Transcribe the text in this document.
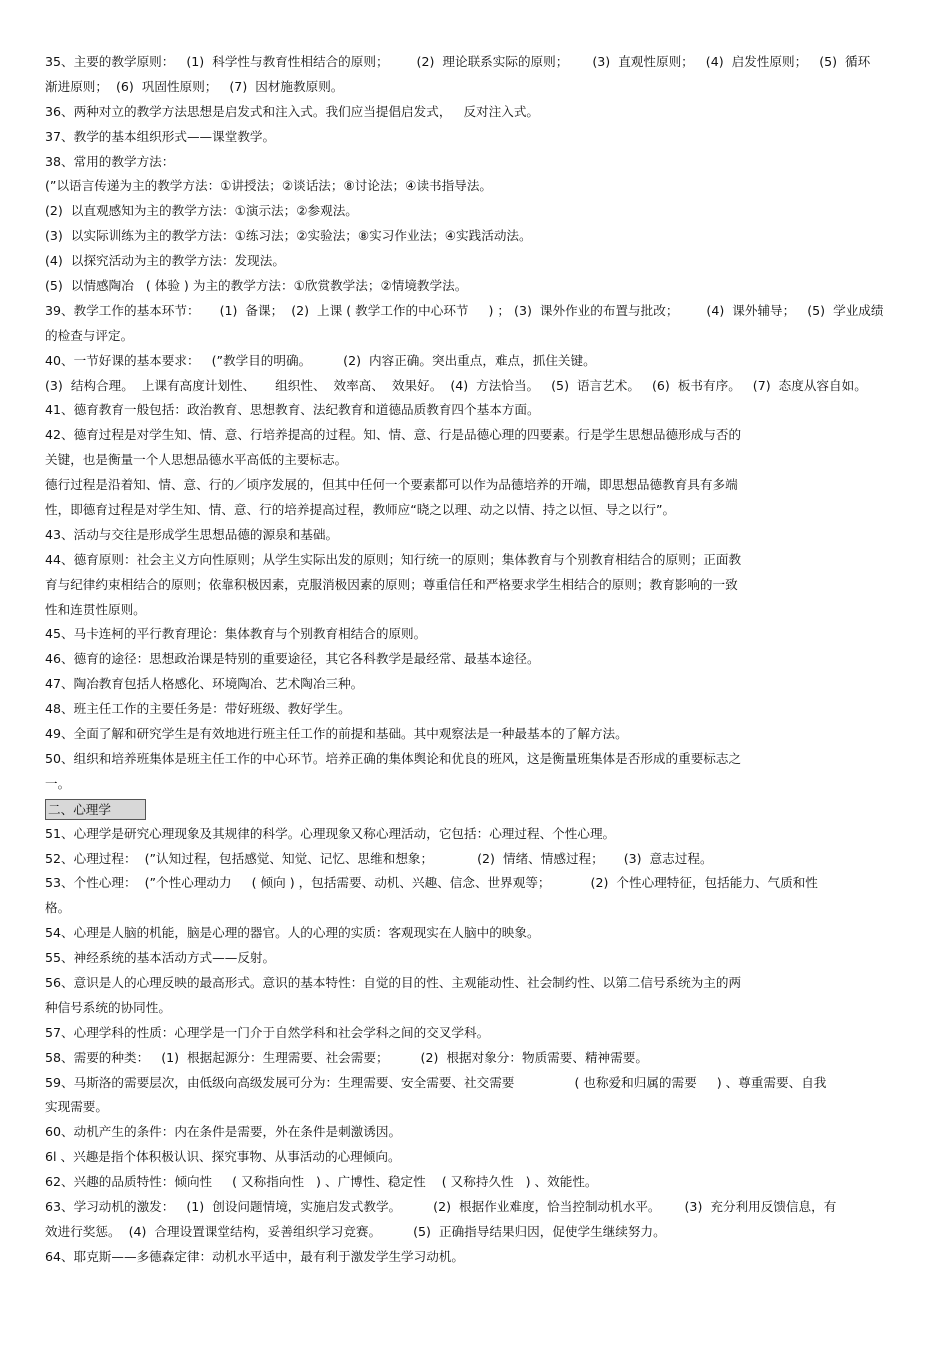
35、主要的教学原则：   (1)  科学性与教育性相结合的原则；       (2)  理论联系实际的原则；      (3)  直观性原则；   (4)  启发性原则；   (5)  循环
渐进原则；  (6)  巩固性原则；   (7)  因材施教原则。
36、两种对立的教学方法思想是启发式和注入式。我们应当提倡启发式，   反对注入式。
37、教学的基本组织形式——课堂教学。
38、常用的教学方法：
(”以语言传递为主的教学方法：①讲授法；②谈话法；⑧讨论法；④读书指导法。
(2)  以直观感知为主的教学方法：①演示法；②参观法。
(3)  以实际训练为主的教学方法：①练习法；②实验法；⑧实习作业法；④实践活动法。
(4)  以探究活动为主的教学方法：发现法。
(5)  以情感陶冶   ( 体验 ) 为主的教学方法：①欣赏教学法；②情境教学法。
39、教学工作的基本环节：     (1)  备课；  (2)  上课 ( 教学工作的中心环节     ) ； (3)  课外作业的布置与批改；       (4)  课外辅导；   (5)  学业成绩
的检查与评定。
40、一节好课的基本要求：   (”教学目的明确。        (2)  内容正确。突出重点，难点，抓住关键。
(3)  结构合理。  上课有高度计划性、     组织性、  效率高、  效果好。  (4)  方法恰当。   (5)  语言艺术。   (6)  板书有序。   (7)  态度从容自如。
41、德育教育一般包括：政治教育、思想教育、法纪教育和道德品质教育四个基本方面。
42、德育过程是对学生知、情、意、行培养提高的过程。知、情、意、行是品德心理的四要素。行是学生思想品德形成与否的
关键，也是衡量一个人思想品德水平高低的主要标志。
德行过程是沿着知、情、意、行的／顷序发展的，但其中任何一个要素都可以作为品德培养的开端，即思想品德教育具有多端
性，即德育过程是对学生知、情、意、行的培养提高过程，教师应“晓之以理、动之以情、持之以恒、导之以行”。
43、活动与交往是形成学生思想品德的源泉和基础。
44、德育原则：社会主义方向性原则；从学生实际出发的原则；知行统一的原则；集体教育与个别教育相结合的原则；正面教
育与纪律约束相结合的原则；依靠积极因素，克服消极因素的原则；尊重信任和严格要求学生相结合的原则；教育影响的一致
性和连贯性原则。
45、马卡连柯的平行教育理论：集体教育与个别教育相结合的原则。
46、德育的途径：思想政治课是特别的重要途径，其它各科教学是最经常、最基本途径。
47、陶冶教育包括人格感化、环境陶冶、艺术陶冶三种。
48、班主任工作的主要任务是：带好班级、教好学生。
49、全面了解和研究学生是有效地进行班主任工作的前提和基础。其中观察法是一种最基本的了解方法。
50、组织和培养班集体是班主任工作的中心环节。培养正确的集体舆论和优良的班风，这是衡量班集体是否形成的重要标志之
一。
二、心理学
51、心理学是研究心理现象及其规律的科学。心理现象又称心理活动，它包括：心理过程、个性心理。
52、心理过程：  (”认知过程，包括感觉、知觉、记忆、思维和想象；           (2)  情绪、情感过程；     (3)  意志过程。
53、个性心理：  (”个性心理动力     ( 倾向 ) ，包括需要、动机、兴趣、信念、世界观等；          (2)  个性心理特征，包括能力、气质和性
格。
54、心理是人脑的机能，脑是心理的器官。人的心理的实质：客观现实在人脑中的映象。
55、神经系统的基本活动方式——反射。
56、意识是人的心理反映的最高形式。意识的基本特性：自觉的目的性、主观能动性、社会制约性、以第二信号系统为主的两
种信号系统的协同性。
57、心理学科的性质：心理学是一门介于自然学科和社会学科之间的交叉学科。
58、需要的种类：   (1)  根据起源分：生理需要、社会需要；        (2)  根据对象分：物质需要、精神需要。
59、马斯洛的需要层次，由低级向高级发展可分为：生理需要、安全需要、社交需要               ( 也称爱和归属的需要     ) 、尊重需要、自我
实现需要。
60、动机产生的条件：内在条件是需要，外在条件是刺激诱因。
6l 、兴趣是指个体积极认识、探究事物、从事活动的心理倾向。
62、兴趣的品质特性：倾向性     ( 又称指向性   ) 、广博性、稳定性    ( 又称持久性   ) 、效能性。
63、学习动机的激发：   (1)  创设问题情境，实施启发式教学。        (2)  根据作业难度，恰当控制动机水平。      (3)  充分利用反馈信息，有
效进行奖惩。  (4)  合理设置课堂结构，妥善组织学习竞赛。        (5)  正确指导结果归因，促使学生继续努力。
64、耶克斯——多德森定律：动机水平适中，最有利于激发学生学习动机。
